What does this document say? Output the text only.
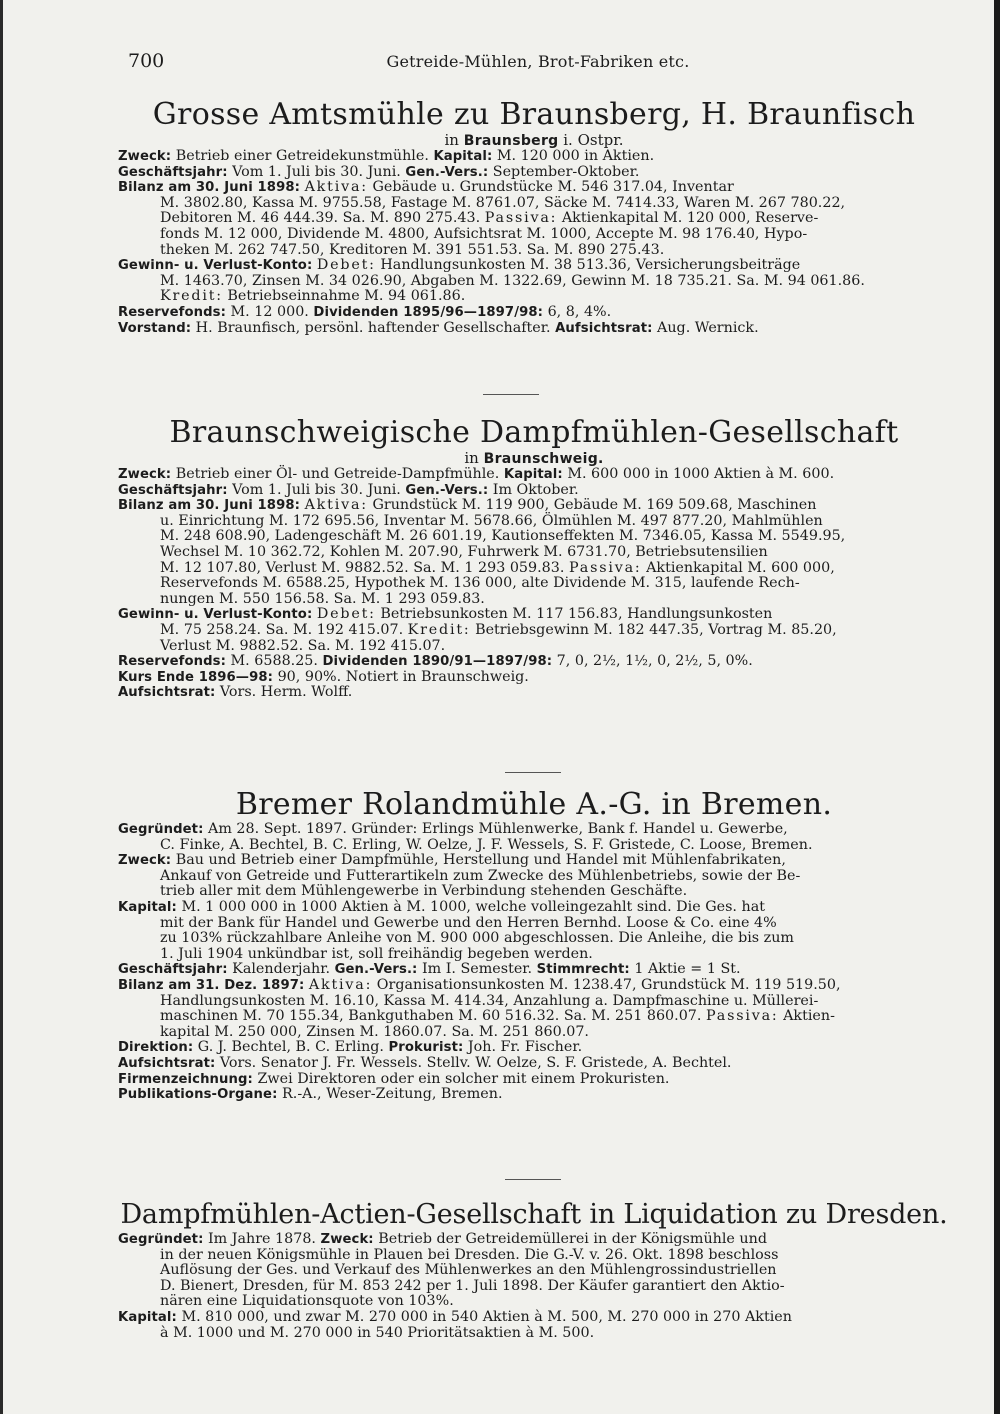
700	Getreide-Mühlen, Brot-Fabriken etc.
Grosse Amtsmühle zu Braunsberg, H. Braunfisch
in Braunsberg i. Ostpr.

Zweck: Betrieb einer Getreidekunstmühle. Kapital: M. 120 000 in Aktien.

Geschäftsjahr: Vom 1. Juli bis 30. Juni. Gen.-Vers.: September-Oktober.

Bilanz am 30. Juni 1898: Aktiva: Gebäude u. Grundstücke M. 546 317.04, Inventar
M. 3802.80, Kassa M. 9755.58, Fastage M. 8761.07, Säcke M. 7414.33, Waren M. 267 780.22,
Debitoren M. 46 444.39. Sa. M. 890 275.43. Passiva: Aktienkapital M. 120 000, Reserve-
fonds M. 12 000, Dividende M. 4800, Aufsichtsrat M. 1000, Accepte M. 98 176.40, Hypo-
theken M. 262 747.50, Kreditoren M. 391 551.53. Sa. M. 890 275.43.

Gewinn- u. Verlust-Konto: Debet: Handlungsunkosten M. 38 513.36, Versicherungsbeiträge
M. 1463.70, Zinsen M. 34 026.90, Abgaben M. 1322.69, Gewinn M. 18 735.21. Sa. M. 94 061.86.
Kredit: Betriebseinnahme M. 94 061.86.

Reservefonds: M. 12 000. Dividenden 1895/96—1897/98: 6, 8, 4%.

Vorstand: H. Braunfisch, persönl. haftender Gesellschafter. Aufsichtsrat: Aug. Wernick.

Braunschweigische Dampfmühlen-Gesellschaft
in Braunschweig.

Zweck: Betrieb einer Öl- und Getreide-Dampfmühle. Kapital: M. 600 000 in 1000 Aktien à M. 600.

Geschäftsjahr: Vom 1. Juli bis 30. Juni. Gen.-Vers.: Im Oktober.

Bilanz am 30. Juni 1898: Aktiva: Grundstück M. 119 900, Gebäude M. 169 509.68, Maschinen
u. Einrichtung M. 172 695.56, Inventar M. 5678.66, Ölmühlen M. 497 877.20, Mahlmühlen
M. 248 608.90, Ladengeschäft M. 26 601.19, Kautionseffekten M. 7346.05, Kassa M. 5549.95,
Wechsel M. 10 362.72, Kohlen M. 207.90, Fuhrwerk M. 6731.70, Betriebsutensilien
M. 12 107.80, Verlust M. 9882.52. Sa. M. 1 293 059.83. Passiva: Aktienkapital M. 600 000,
Reservefonds M. 6588.25, Hypothek M. 136 000, alte Dividende M. 315, laufende Rech-
nungen M. 550 156.58. Sa. M. 1 293 059.83.

Gewinn- u. Verlust-Konto: Debet: Betriebsunkosten M. 117 156.83, Handlungsunkosten
M. 75 258.24. Sa. M. 192 415.07. Kredit: Betriebsgewinn M. 182 447.35, Vortrag M. 85.20,
Verlust M. 9882.52. Sa. M. 192 415.07.

Reservefonds: M. 6588.25. Dividenden 1890/91—1897/98: 7, 0, 2½, 1½, 0, 2½, 5, 0%.

Kurs Ende 1896—98: 90, 90%. Notiert in Braunschweig.

Aufsichtsrat: Vors. Herm. Wolff.

Bremer Rolandmühle A.-G. in Bremen.

Gegründet: Am 28. Sept. 1897. Gründer: Erlings Mühlenwerke, Bank f. Handel u. Gewerbe,
C. Finke, A. Bechtel, B. C. Erling, W. Oelze, J. F. Wessels, S. F. Gristede, C. Loose, Bremen.

Zweck: Bau und Betrieb einer Dampfmühle, Herstellung und Handel mit Mühlenfabrikaten,
Ankauf von Getreide und Futterartikeln zum Zwecke des Mühlenbetriebs, sowie der Be-
trieb aller mit dem Mühlengewerbe in Verbindung stehenden Geschäfte.

Kapital: M. 1 000 000 in 1000 Aktien à M. 1000, welche volleingezahlt sind. Die Ges. hat
mit der Bank für Handel und Gewerbe und den Herren Bernhd. Loose & Co. eine 4%
zu 103% rückzahlbare Anleihe von M. 900 000 abgeschlossen. Die Anleihe, die bis zum
1. Juli 1904 unkündbar ist, soll freihändig begeben werden.

Geschäftsjahr: Kalenderjahr. Gen.-Vers.: Im I. Semester. Stimmrecht: 1 Aktie = 1 St.

Bilanz am 31. Dez. 1897: Aktiva: Organisationsunkosten M. 1238.47, Grundstück M. 119 519.50,
Handlungsunkosten M. 16.10, Kassa M. 414.34, Anzahlung a. Dampfmaschine u. Müllerei-
maschinen M. 70 155.34, Bankguthaben M. 60 516.32. Sa. M. 251 860.07. Passiva: Aktien-
kapital M. 250 000, Zinsen M. 1860.07. Sa. M. 251 860.07.

Direktion: G. J. Bechtel, B. C. Erling. Prokurist: Joh. Fr. Fischer.

Aufsichtsrat: Vors. Senator J. Fr. Wessels. Stellv. W. Oelze, S. F. Gristede, A. Bechtel.

Firmenzeichnung: Zwei Direktoren oder ein solcher mit einem Prokuristen.

Publikations-Organe: R.-A., Weser-Zeitung, Bremen.

Dampfmühlen-Actien-Gesellschaft in Liquidation zu Dresden.

Gegründet: Im Jahre 1878. Zweck: Betrieb der Getreidemüllerei in der Königsmühle und
in der neuen Königsmühle in Plauen bei Dresden. Die G.-V. v. 26. Okt. 1898 beschloss
Auflösung der Ges. und Verkauf des Mühlenwerkes an den Mühlengrossindustriellen
D. Bienert, Dresden, für M. 853 242 per 1. Juli 1898. Der Käufer garantiert den Aktio-
nären eine Liquidationsquote von 103%.

Kapital: M. 810 000, und zwar M. 270 000 in 540 Aktien à M. 500, M. 270 000 in 270 Aktien
à M. 1000 und M. 270 000 in 540 Prioritätsaktien à M. 500.
